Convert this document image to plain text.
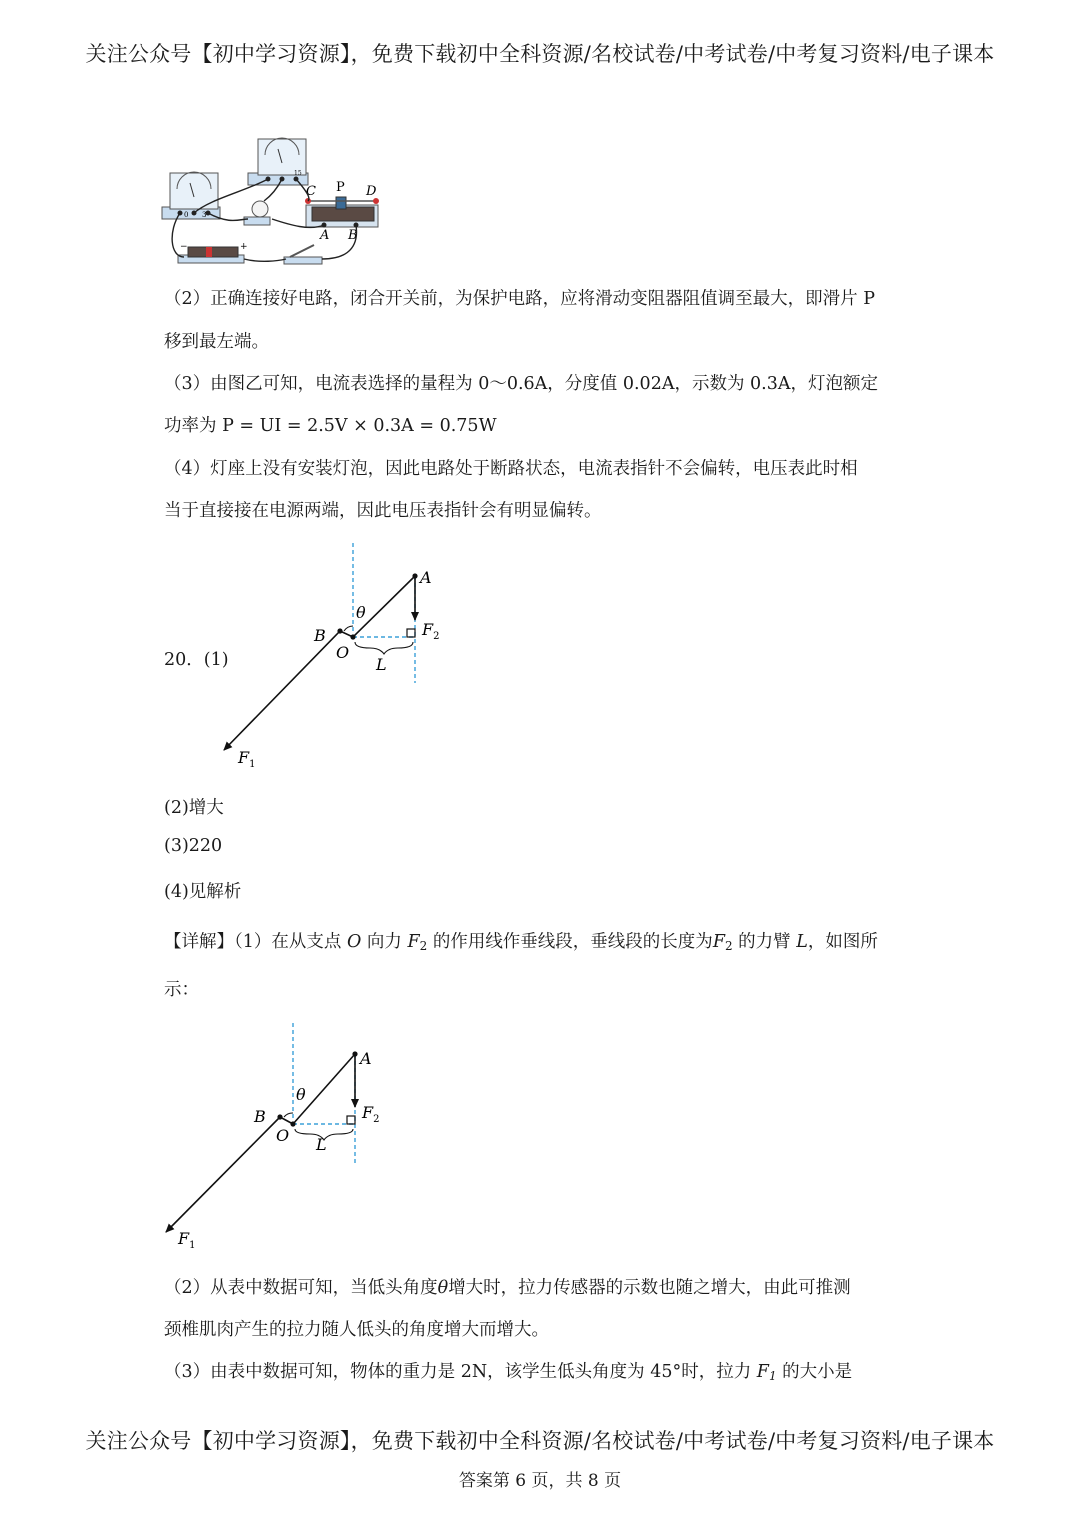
关注公众号【初中学习资源】，免费下载初中全科资源/名校试卷/中考试卷/中考复习资料/电子课本
0 3
15
C P D
A B
−	+
（2）正确连接好电路，闭合开关前，为保护电路，应将滑动变阻器阻值调至最大，即滑片 P
移到最左端。
（3）由图乙可知，电流表选择的量程为 0～0.6A，分度值 0.02A，示数为 0.3A，灯泡额定
功率为 P = UI = 2.5V × 0.3A = 0.75W
（4）灯座上没有安装灯泡，因此电路处于断路状态，电流表指针不会偏转，电压表此时相
当于直接接在电源两端，因此电压表指针会有明显偏转。
20．(1)
A
B
O
θ
L
$F_2$
$F_1$
(2)增大
(3)220
(4)见解析
【详解】（1）在从支点 O 向力 $F_2$ 的作用线作垂线段，垂线段的长度为$F_2$ 的力臂 L，如图所
示：
A
B
O
θ
L
$F_2$
$F_1$
（2）从表中数据可知，当低头角度θ增大时，拉力传感器的示数也随之增大，由此可推测
颈椎肌肉产生的拉力随人低头的角度增大而增大。
（3）由表中数据可知，物体的重力是 2N，该学生低头角度为 45°时，拉力 $F_1$ 的大小是
关注公众号【初中学习资源】，免费下载初中全科资源/名校试卷/中考试卷/中考复习资料/电子课本
答案第 6 页，共 8 页
